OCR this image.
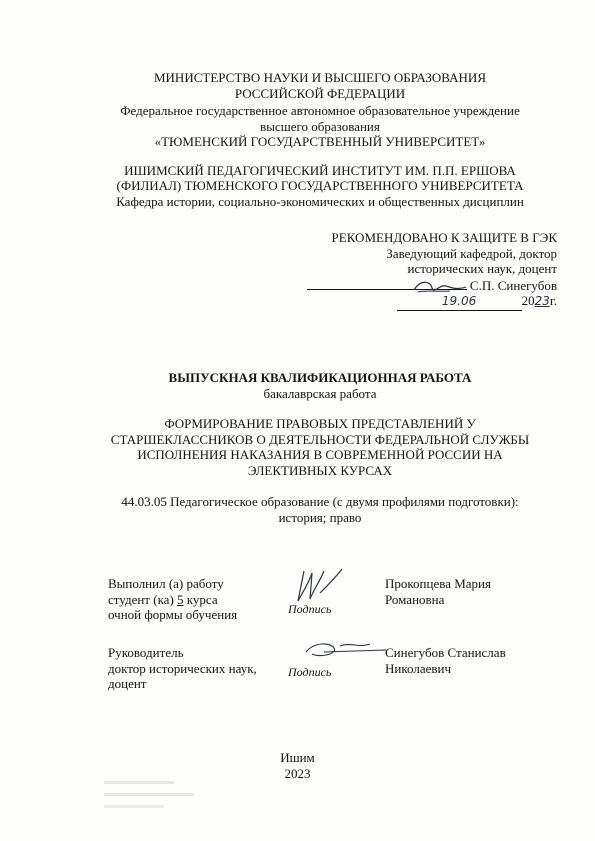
МИНИСТЕРСТВО НАУКИ И ВЫСШЕГО ОБРАЗОВАНИЯ
РОССИЙСКОЙ ФЕДЕРАЦИИ
Федеральное государственное автономное образовательное учреждение
высшего образования
«ТЮМЕНСКИЙ ГОСУДАРСТВЕННЫЙ УНИВЕРСИТЕТ»
ИШИМСКИЙ ПЕДАГОГИЧЕСКИЙ ИНСТИТУТ ИМ. П.П. ЕРШОВА
(ФИЛИАЛ) ТЮМЕНСКОГО ГОСУДАРСТВЕННОГО УНИВЕРСИТЕТА
Кафедра истории, социально-экономических и общественных дисциплин
РЕКОМЕНДОВАНО К ЗАЩИТЕ В ГЭК
Заведующий кафедрой, доктор
исторических наук, доцент
С.П. Синегубов
19.06	2023г.
ВЫПУСКНАЯ КВАЛИФИКАЦИОННАЯ РАБОТА
бакалаврская работа
ФОРМИРОВАНИЕ ПРАВОВЫХ ПРЕДСТАВЛЕНИЙ У
СТАРШЕКЛАССНИКОВ О ДЕЯТЕЛЬНОСТИ ФЕДЕРАЛЬНОЙ СЛУЖБЫ
ИСПОЛНЕНИЯ НАКАЗАНИЯ В СОВРЕМЕННОЙ РОССИИ НА
ЭЛЕКТИВНЫХ КУРСАХ
44.03.05 Педагогическое образование (с двумя профилями подготовки):
история; право
Выполнил (а) работу
студент (ка) 5 курса
очной формы обучения	Подпись
Прокопцева Мария
Романовна
Руководитель
доктор исторических наук,
доцент
Подпись
Синегубов Станислав
Николаевич
Ишим
2023
